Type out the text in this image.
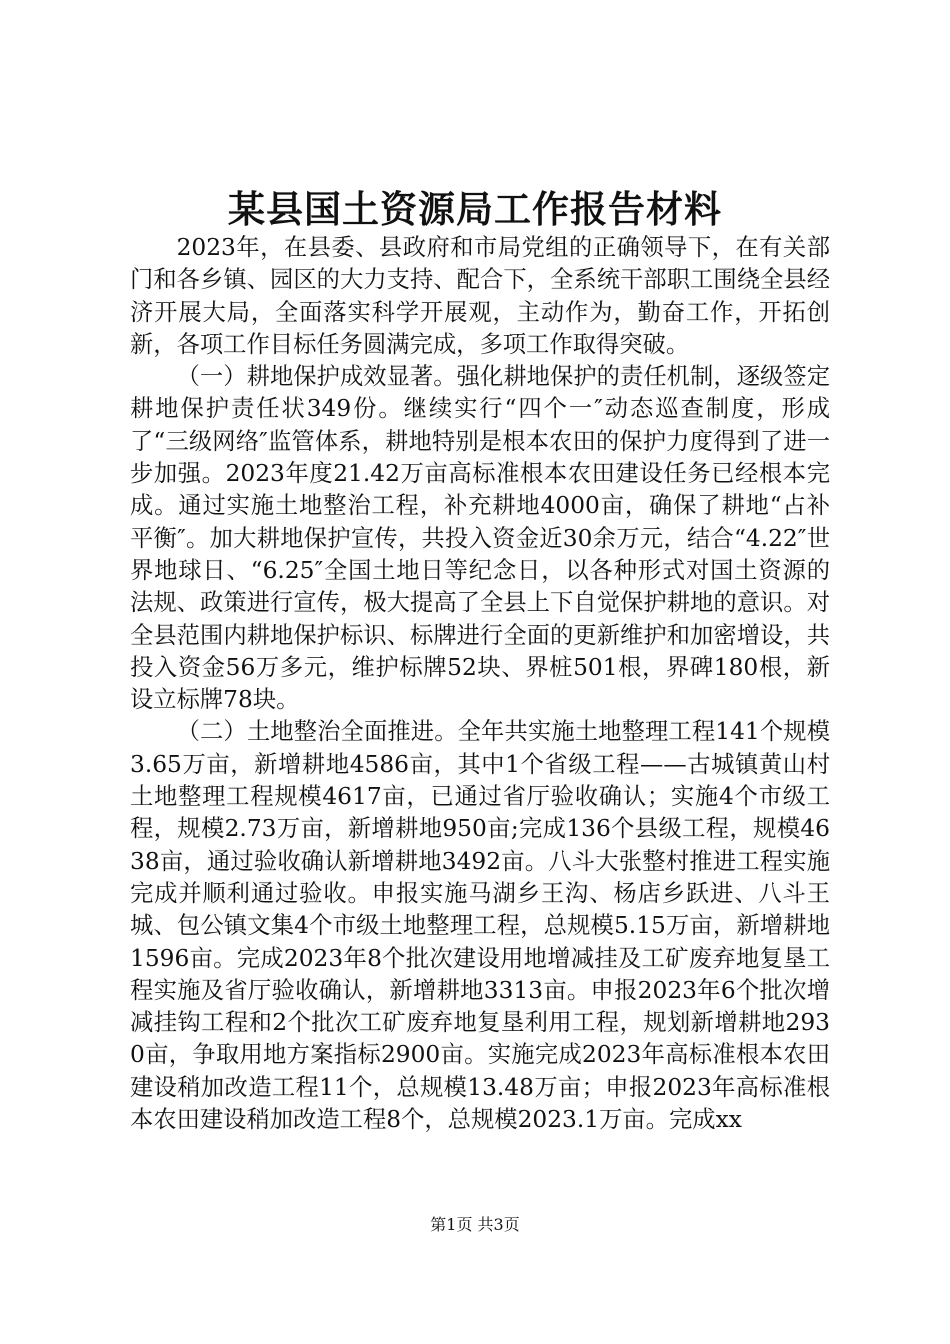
某县国土资源局工作报告材料

2023年，在县委、县政府和市局党组的正确领导下，在有关部门和各乡镇、园区的大力支持、配合下，全系统干部职工围绕全县经济开展大局，全面落实科学开展观，主动作为，勤奋工作，开拓创新，各项工作目标任务圆满完成，多项工作取得突破。

（一）耕地保护成效显著。强化耕地保护的责任机制，逐级签定耕地保护责任状349份。继续实行“四个一″动态巡查制度，形成了“三级网络″监管体系，耕地特别是根本农田的保护力度得到了进一步加强。2023年度21.42万亩高标准根本农田建设任务已经根本完成。通过实施土地整治工程，补充耕地4000亩，确保了耕地“占补平衡″。加大耕地保护宣传，共投入资金近30余万元，结合“4.22″世界地球日、“6.25″全国土地日等纪念日，以各种形式对国土资源的法规、政策进行宣传，极大提高了全县上下自觉保护耕地的意识。对全县范围内耕地保护标识、标牌进行全面的更新维护和加密增设，共投入资金56万多元，维护标牌52块、界桩501根，界碑180根，新设立标牌78块。

（二）土地整治全面推进。全年共实施土地整理工程141个规模3.65万亩，新增耕地4586亩，其中1个省级工程——古城镇黄山村土地整理工程规模4617亩，已通过省厅验收确认；实施4个市级工程，规模2.73万亩，新增耕地950亩;完成136个县级工程，规模4638亩，通过验收确认新增耕地3492亩。八斗大张整村推进工程实施完成并顺利通过验收。申报实施马湖乡王沟、杨店乡跃进、八斗王城、包公镇文集4个市级土地整理工程，总规模5.15万亩，新增耕地1596亩。完成2023年8个批次建设用地增减挂及工矿废弃地复垦工程实施及省厅验收确认，新增耕地3313亩。申报2023年6个批次增减挂钩工程和2个批次工矿废弃地复垦利用工程，规划新增耕地2930亩，争取用地方案指标2900亩。实施完成2023年高标准根本农田建设稍加改造工程11个，总规模13.48万亩；申报2023年高标准根本农田建设稍加改造工程8个，总规模2023.1万亩。完成xx

第1页 共3页
